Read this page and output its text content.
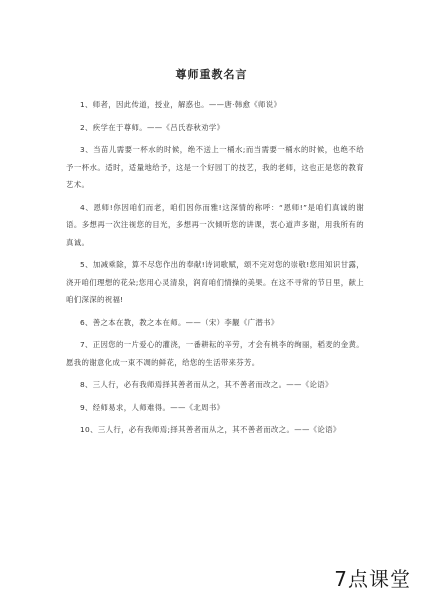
尊师重教名言
1、师者，因此传道，授业，解惑也。——唐·韩愈《师说》
2、疾学在于尊师。——《吕氏春秋劝学》
3、当苗儿需要一杯水的时候，绝不送上一桶水;而当需要一桶水的时候，也绝不给予一杯水。适时，适量地给予，这是一个好园丁的技艺，我的老师，这也正是您的教育艺术。
4、恩师!你因咱们而老，咱们因你而雅!这深情的称呼：“恩师!”是咱们真诚的谢语。多想再一次注视您的目光，多想再一次倾听您的讲课，衷心道声多谢，用我所有的真诚。
5、加减乘除，算不尽您作出的奉献!诗词歌赋，颂不完对您的崇敬!您用知识甘露，浇开咱们理想的花朵;您用心灵清泉，润育咱们情操的美果。在这不寻常的节日里，献上咱们深深的祝福!
6、善之本在教，教之本在师。——（宋）李觏《广潜书》
7、正因您的一片爱心的灌浇，一番耕耘的辛劳，才会有桃李的绚丽，稻麦的金黄。愿我的谢意化成一束不凋的鲜花，给您的生活带来芬芳。
8、三人行，必有我师焉择其善者而从之，其不善者而改之。——《论语》
9、经师易求，人师难得。——《北周书》
10、三人行，必有我师焉;择其善者而从之，其不善者而改之。——《论语》
7点课堂
